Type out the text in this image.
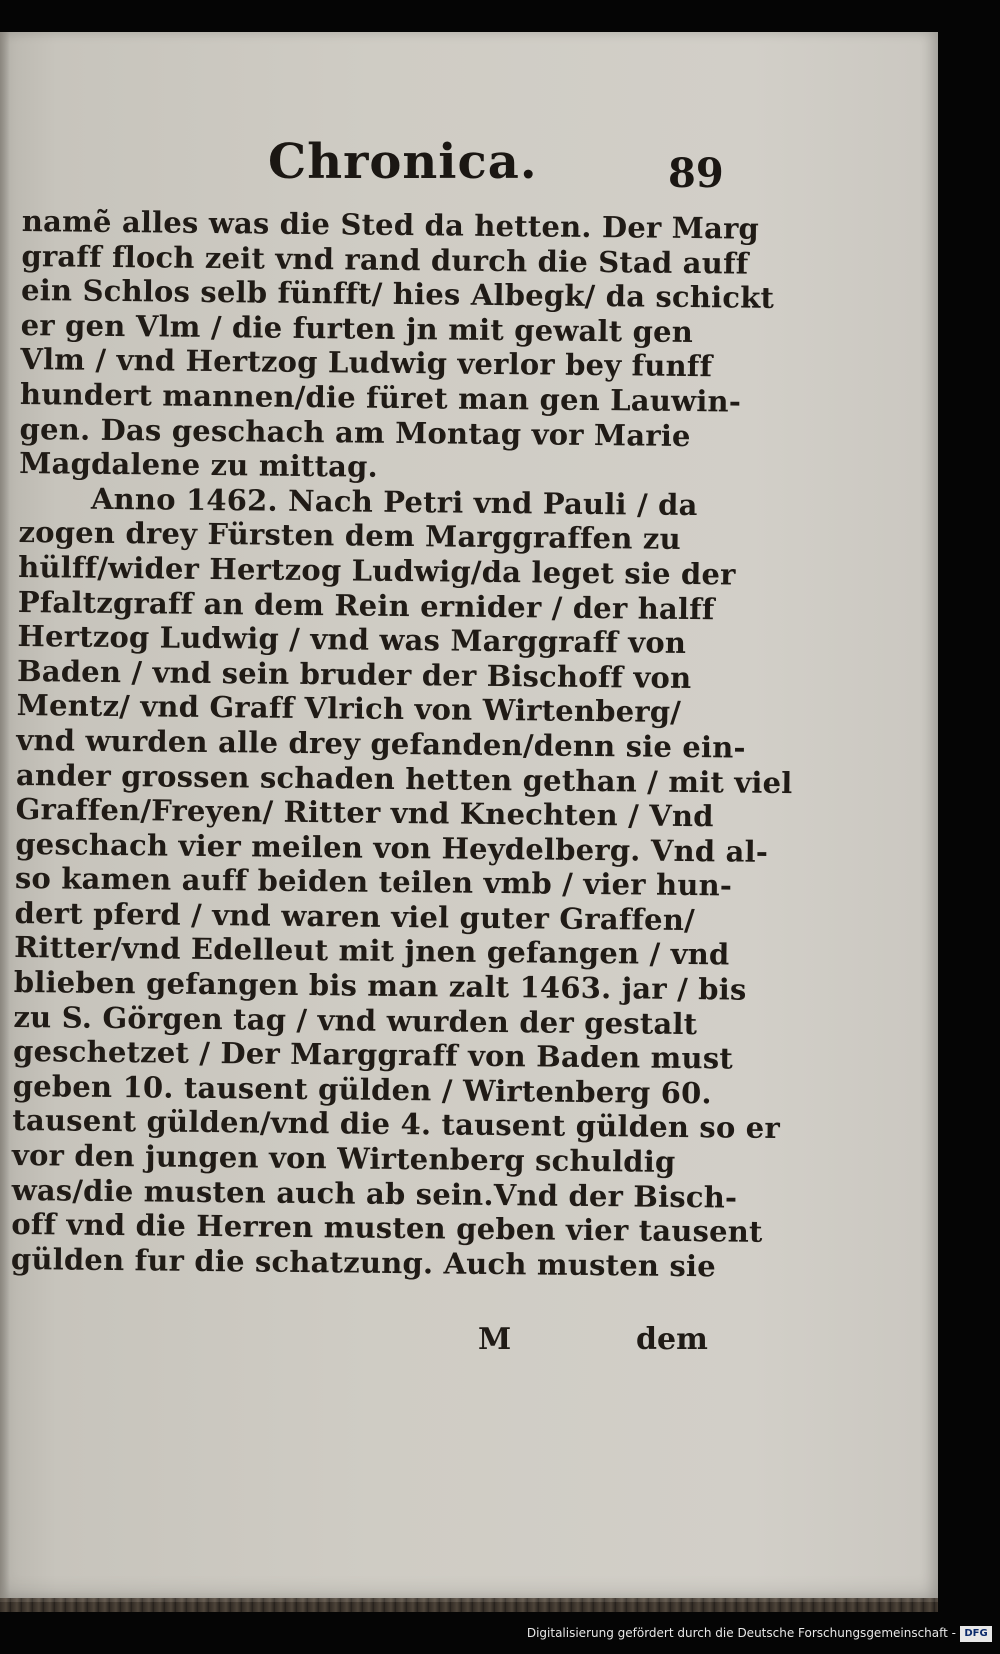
Chronica.	89
namẽ alles was die Sted da hetten. Der Marg
graff floch zeit vnd rand durch die Stad auff
ein Schlos selb fünfft/ hies Albegk/ da schickt
er gen Vlm / die furten jn mit gewalt gen
Vlm / vnd Hertzog Ludwig verlor bey funff
hundert mannen/die füret man gen Lauwin-
gen. Das geschach am Montag vor Marie
Magdalene zu mittag.
Anno 1462. Nach Petri vnd Pauli / da
zogen drey Fürsten dem Marggraffen zu
hülff/wider Hertzog Ludwig/da leget sie der
Pfaltzgraff an dem Rein ernider / der halff
Hertzog Ludwig / vnd was Marggraff von
Baden / vnd sein bruder der Bischoff von
Mentz/ vnd Graff Vlrich von Wirtenberg/
vnd wurden alle drey gefanden/denn sie ein-
ander grossen schaden hetten gethan / mit viel
Graffen/Freyen/ Ritter vnd Knechten / Vnd
geschach vier meilen von Heydelberg. Vnd al-
so kamen auff beiden teilen vmb / vier hun-
dert pferd / vnd waren viel guter Graffen/
Ritter/vnd Edelleut mit jnen gefangen / vnd
blieben gefangen bis man zalt 1463. jar / bis
zu S. Görgen tag / vnd wurden der gestalt
geschetzet / Der Marggraff von Baden must
geben 10. tausent gülden / Wirtenberg 60.
tausent gülden/vnd die 4. tausent gülden so er
vor den jungen von Wirtenberg schuldig
was/die musten auch ab sein.Vnd der Bisch-
off vnd die Herren musten geben vier tausent
gülden fur die schatzung. Auch musten sie
M	dem
Digitalisierung gefördert durch die Deutsche Forschungsgemeinschaft - DFG
